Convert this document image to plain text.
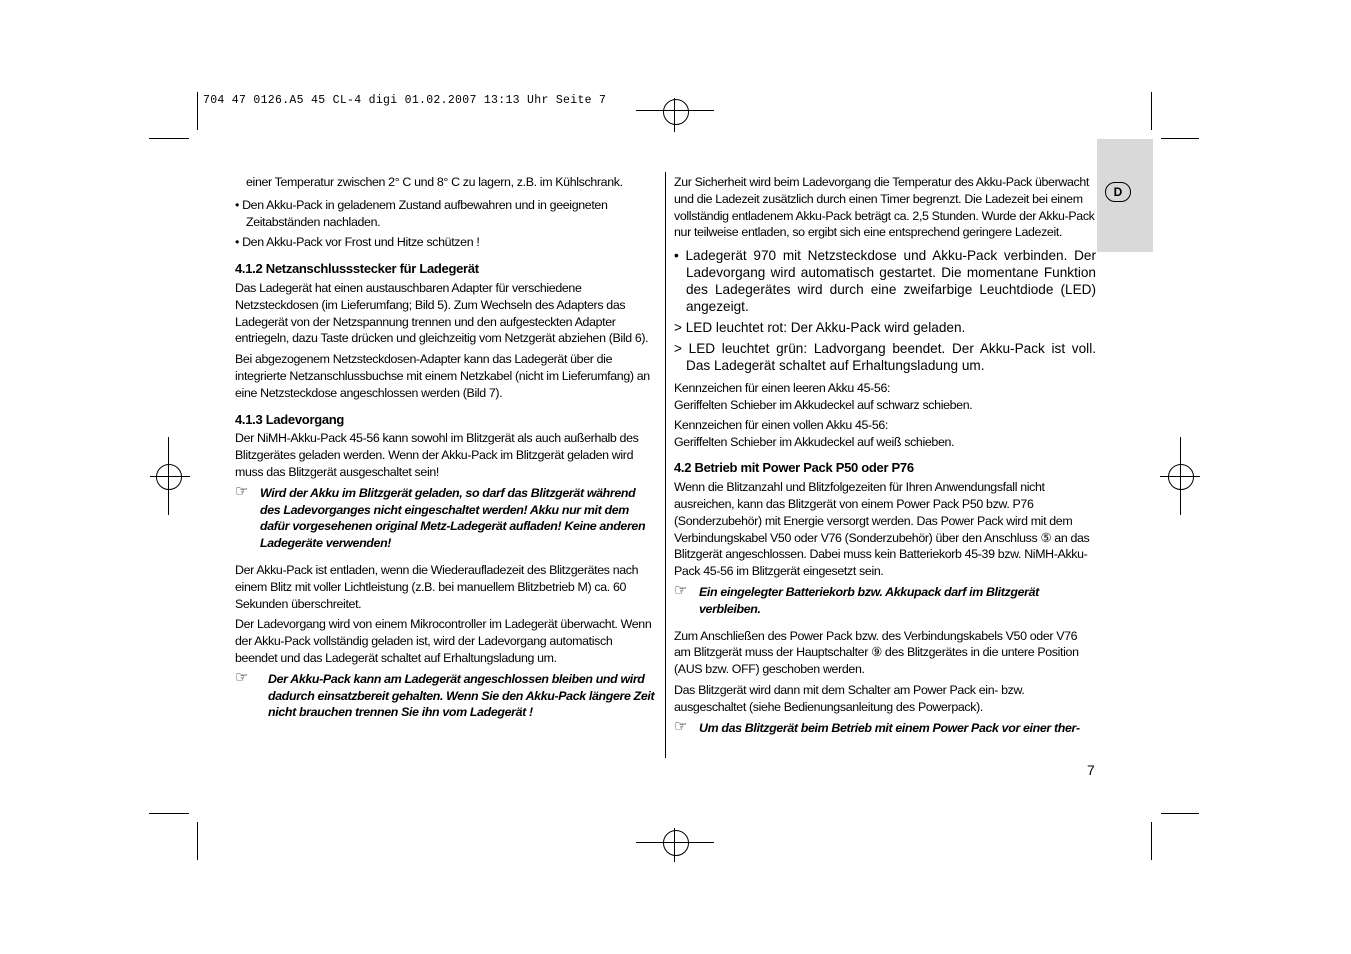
704 47 0126.A5 45 CL-4 digi 01.02.2007 13:13 Uhr Seite 7
D

einer Temperatur zwischen 2° C und 8° C zu lagern, z.B. im Kühlschrank.

• Den Akku-Pack in geladenem Zustand aufbewahren und in geeigneten Zeitabständen nachladen.

• Den Akku-Pack vor Frost und Hitze schützen !

4.1.2 Netzanschlussstecker für Ladegerät

Das Ladegerät hat einen austauschbaren Adapter für verschiedene Netzsteckdosen (im Lieferumfang; Bild 5). Zum Wechseln des Adapters das Ladegerät von der Netzspannung trennen und den aufgesteckten Adapter entriegeln, dazu Taste drücken und gleichzeitig vom Netzgerät abziehen (Bild 6).

Bei abgezogenem Netzsteckdosen-Adapter kann das Ladegerät über die integrierte Netzanschlussbuchse mit einem Netzkabel (nicht im Lieferumfang) an eine Netzsteckdose angeschlossen werden (Bild 7).

4.1.3 Ladevorgang

Der NiMH-Akku-Pack 45-56 kann sowohl im Blitzgerät als auch außerhalb des Blitzgerätes geladen werden. Wenn der Akku-Pack im Blitzgerät geladen wird muss das Blitzgerät ausgeschaltet sein!

☞ Wird der Akku im Blitzgerät geladen, so darf das Blitzgerät während des Ladevorganges nicht eingeschaltet werden! Akku nur mit dem dafür vorgesehenen original Metz-Ladegerät aufladen! Keine anderen Ladegeräte verwenden!

Der Akku-Pack ist entladen, wenn die Wiederaufladezeit des Blitzgerätes nach einem Blitz mit voller Lichtleistung (z.B. bei manuellem Blitzbetrieb M) ca. 60 Sekunden überschreitet.

Der Ladevorgang wird von einem Mikrocontroller im Ladegerät überwacht. Wenn der Akku-Pack vollständig geladen ist, wird der Ladevorgang automatisch beendet und das Ladegerät schaltet auf Erhaltungsladung um.

☞ Der Akku-Pack kann am Ladegerät angeschlossen bleiben und wird dadurch einsatzbereit gehalten. Wenn Sie den Akku-Pack längere Zeit nicht brauchen trennen Sie ihn vom Ladegerät !

Zur Sicherheit wird beim Ladevorgang die Temperatur des Akku-Pack überwacht und die Ladezeit zusätzlich durch einen Timer begrenzt. Die Ladezeit bei einem vollständig entladenem Akku-Pack beträgt ca. 2,5 Stunden. Wurde der Akku-Pack nur teilweise entladen, so ergibt sich eine entsprechend geringere Ladezeit.

• Ladegerät 970 mit Netzsteckdose und Akku-Pack verbinden. Der Ladevorgang wird automatisch gestartet. Die momentane Funktion des Ladegerätes wird durch eine zweifarbige Leuchtdiode (LED) angezeigt.

> LED leuchtet rot: Der Akku-Pack wird geladen.

> LED leuchtet grün: Ladvorgang beendet. Der Akku-Pack ist voll. Das Ladegerät schaltet auf Erhaltungsladung um.

Kennzeichen für einen leeren Akku 45-56:
Geriffelten Schieber im Akkudeckel auf schwarz schieben.

Kennzeichen für einen vollen Akku 45-56:
Geriffelten Schieber im Akkudeckel auf weiß schieben.

4.2 Betrieb mit Power Pack P50 oder P76

Wenn die Blitzanzahl und Blitzfolgezeiten für Ihren Anwendungsfall nicht ausreichen, kann das Blitzgerät von einem Power Pack P50 bzw. P76 (Sonderzubehör) mit Energie versorgt werden. Das Power Pack wird mit dem Verbindungskabel V50 oder V76 (Sonderzubehör) über den Anschluss ⑤ an das Blitzgerät angeschlossen. Dabei muss kein Batteriekorb 45-39 bzw. NiMH-Akku-Pack 45-56 im Blitzgerät eingesetzt sein.

☞ Ein eingelegter Batteriekorb bzw. Akkupack darf im Blitzgerät verbleiben.

Zum Anschließen des Power Pack bzw. des Verbindungskabels V50 oder V76 am Blitzgerät muss der Hauptschalter ⑨ des Blitzgerätes in die untere Position (AUS bzw. OFF) geschoben werden.

Das Blitzgerät wird dann mit dem Schalter am Power Pack ein- bzw. ausgeschaltet (siehe Bedienungsanleitung des Powerpack).

☞ Um das Blitzgerät beim Betrieb mit einem Power Pack vor einer ther-
7
